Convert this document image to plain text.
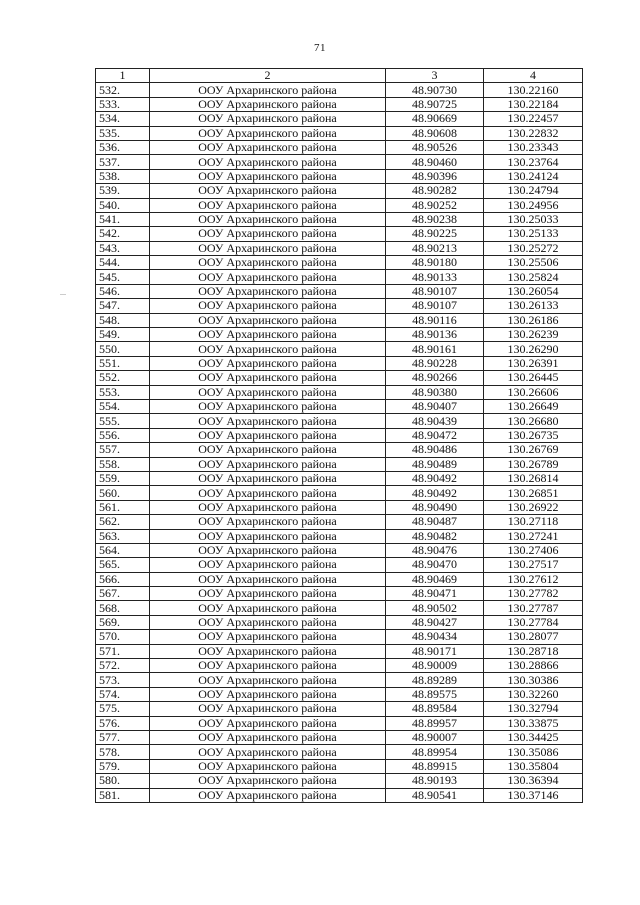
71
1	2	3	4
532.	ООУ Архаринского района	48.90730	130.22160
533.	ООУ Архаринского района	48.90725	130.22184
534.	ООУ Архаринского района	48.90669	130.22457
535.	ООУ Архаринского района	48.90608	130.22832
536.	ООУ Архаринского района	48.90526	130.23343
537.	ООУ Архаринского района	48.90460	130.23764
538.	ООУ Архаринского района	48.90396	130.24124
539.	ООУ Архаринского района	48.90282	130.24794
540.	ООУ Архаринского района	48.90252	130.24956
541.	ООУ Архаринского района	48.90238	130.25033
542.	ООУ Архаринского района	48.90225	130.25133
543.	ООУ Архаринского района	48.90213	130.25272
544.	ООУ Архаринского района	48.90180	130.25506
545.	ООУ Архаринского района	48.90133	130.25824
546.	ООУ Архаринского района	48.90107	130.26054
547.	ООУ Архаринского района	48.90107	130.26133
548.	ООУ Архаринского района	48.90116	130.26186
549.	ООУ Архаринского района	48.90136	130.26239
550.	ООУ Архаринского района	48.90161	130.26290
551.	ООУ Архаринского района	48.90228	130.26391
552.	ООУ Архаринского района	48.90266	130.26445
553.	ООУ Архаринского района	48.90380	130.26606
554.	ООУ Архаринского района	48.90407	130.26649
555.	ООУ Архаринского района	48.90439	130.26680
556.	ООУ Архаринского района	48.90472	130.26735
557.	ООУ Архаринского района	48.90486	130.26769
558.	ООУ Архаринского района	48.90489	130.26789
559.	ООУ Архаринского района	48.90492	130.26814
560.	ООУ Архаринского района	48.90492	130.26851
561.	ООУ Архаринского района	48.90490	130.26922
562.	ООУ Архаринского района	48.90487	130.27118
563.	ООУ Архаринского района	48.90482	130.27241
564.	ООУ Архаринского района	48.90476	130.27406
565.	ООУ Архаринского района	48.90470	130.27517
566.	ООУ Архаринского района	48.90469	130.27612
567.	ООУ Архаринского района	48.90471	130.27782
568.	ООУ Архаринского района	48.90502	130.27787
569.	ООУ Архаринского района	48.90427	130.27784
570.	ООУ Архаринского района	48.90434	130.28077
571.	ООУ Архаринского района	48.90171	130.28718
572.	ООУ Архаринского района	48.90009	130.28866
573.	ООУ Архаринского района	48.89289	130.30386
574.	ООУ Архаринского района	48.89575	130.32260
575.	ООУ Архаринского района	48.89584	130.32794
576.	ООУ Архаринского района	48.89957	130.33875
577.	ООУ Архаринского района	48.90007	130.34425
578.	ООУ Архаринского района	48.89954	130.35086
579.	ООУ Архаринского района	48.89915	130.35804
580.	ООУ Архаринского района	48.90193	130.36394
581.	ООУ Архаринского района	48.90541	130.37146
